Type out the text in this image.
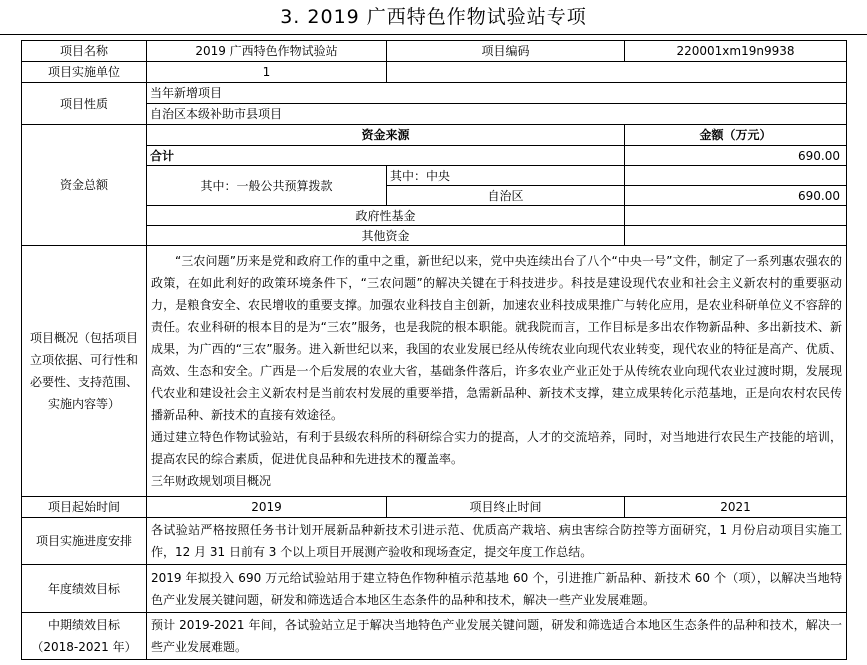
3. 2019 广西特色作物试验站专项
项目名称	2019 广西特色作物试验站	项目编码	220001xm19n9938
项目实施单位	1		
项目性质	当年新增项目		
	自治区本级补助市县项目		
资金总额	资金来源		金额（万元）
	合计		690.00
	其中：一般公共预算拨款	其中：中央	
		自治区	690.00
	政府性基金		
	其他资金		
项目概况（包括项目立项依据、可行性和必要性、支持范围、实施内容等）	“三农问题”历来是党和政府工作的重中之重，新世纪以来，党中央连续出台了八个“中央一号”文件，制定了一系列惠农强农的政策，在如此利好的政策环境条件下，“三农问题”的解决关键在于科技进步。科技是建设现代农业和社会主义新农村的重要驱动力，是粮食安全、农民增收的重要支撑。加强农业科技自主创新，加速农业科技成果推广与转化应用，是农业科研单位义不容辞的责任。农业科研的根本目的是为“三农”服务，也是我院的根本职能。就我院而言，工作目标是多出农作物新品种、多出新技术、新成果，为广西的“三农”服务。进入新世纪以来，我国的农业发展已经从传统农业向现代农业转变，现代农业的特征是高产、优质、高效、生态和安全。广西是一个后发展的农业大省，基础条件落后，许多农业产业正处于从传统农业向现代农业过渡时期，发展现代农业和建设社会主义新农村是当前农村发展的重要举措，急需新品种、新技术支撑，建立成果转化示范基地，正是向农村农民传播新品种、新技术的直接有效途径。

通过建立特色作物试验站，有利于县级农科所的科研综合实力的提高，人才的交流培养，同时，对当地进行农民生产技能的培训，提高农民的综合素质，促进优良品种和先进技术的覆盖率。

三年财政规划项目概况		

项目起始时间	2019	项目终止时间	2021
项目实施进度安排	各试验站严格按照任务书计划开展新品种新技术引进示范、优质高产栽培、病虫害综合防控等方面研究，1 月份启动项目实施工作，12 月 31 日前有 3 个以上项目开展测产验收和现场查定，提交年度工作总结。		
年度绩效目标	2019 年拟投入 690 万元给试验站用于建立特色作物种植示范基地 60 个，引进推广新品种、新技术 60 个（项），以解决当地特色产业发展关键问题，研发和筛选适合本地区生态条件的品种和技术，解决一些产业发展难题。		

中期绩效目标
（2018-2021 年）	预计 2019-2021 年间，各试验站立足于解决当地特色产业发展关键问题，研发和筛选适合本地区生态条件的品种和技术，解决一些产业发展难题。		
